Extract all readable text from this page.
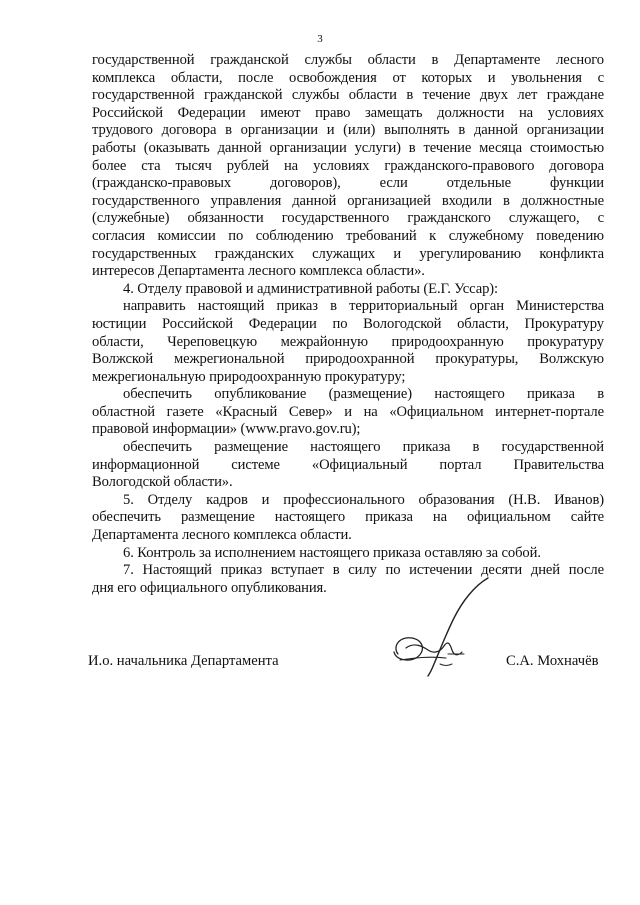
3
государственной гражданской службы области в Департаменте лесного
комплекса области, после освобождения от которых и увольнения с
государственной гражданской службы области в течение двух лет граждане
Российской Федерации имеют право замещать должности на условиях
трудового договора в организации и (или) выполнять в данной организации
работы (оказывать данной организации услуги) в течение месяца стоимостью
более ста тысяч рублей на условиях гражданского-правового договора
(гражданско-правовых договоров), если отдельные функции
государственного управления данной организацией входили в должностные
(служебные) обязанности государственного гражданского служащего, с
согласия комиссии по соблюдению требований к служебному поведению
государственных гражданских служащих и урегулированию конфликта
интересов Департамента лесного комплекса области».
4. Отделу правовой и административной работы (Е.Г. Уссар):
направить настоящий приказ в территориальный орган Министерства
юстиции Российской Федерации по Вологодской области, Прокуратуру
области, Череповецкую межрайонную природоохранную прокуратуру
Волжской межрегиональной природоохранной прокуратуры, Волжскую
межрегиональную природоохранную прокуратуру;
обеспечить опубликование (размещение) настоящего приказа в
областной газете «Красный Север» и на «Официальном интернет-портале
правовой информации» (www.pravo.gov.ru);
обеспечить размещение настоящего приказа в государственной
информационной системе «Официальный портал Правительства
Вологодской области».
5. Отделу кадров и профессионального образования (Н.В. Иванов)
обеспечить размещение настоящего приказа на официальном сайте
Департамента лесного комплекса области.
6. Контроль за исполнением настоящего приказа оставляю за собой.
7. Настоящий приказ вступает в силу по истечении десяти дней после
дня его официального опубликования.
И.о. начальника Департамента	С.А. Мохначёв
